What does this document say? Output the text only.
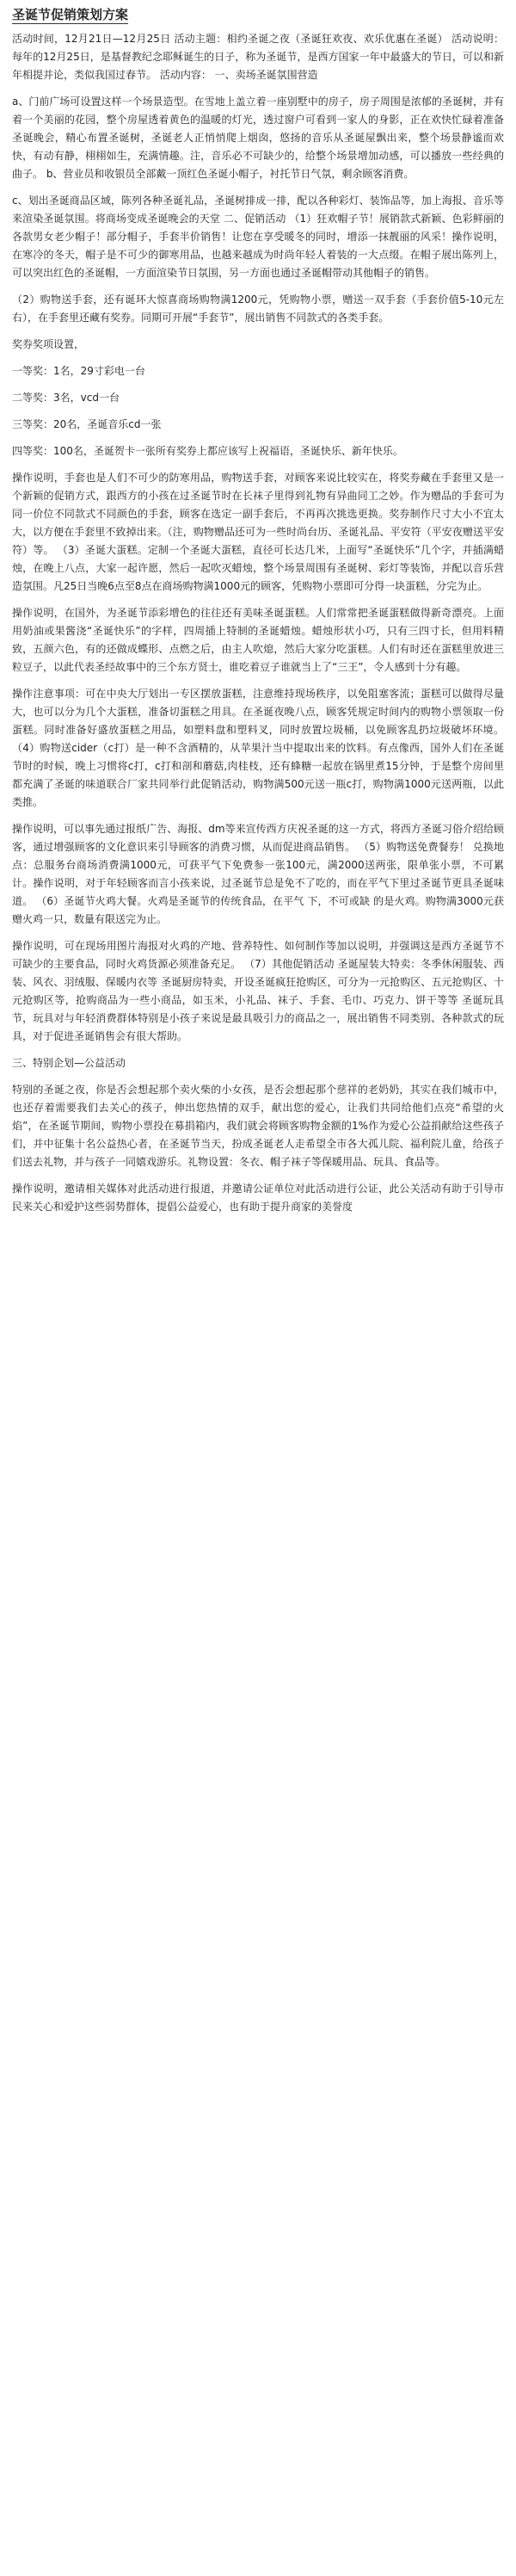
圣诞节促销策划方案

活动时间，12月21日—12月25日 活动主题：相约圣诞之夜（圣诞狂欢夜、欢乐优惠在圣诞） 活动说明：每年的12月25日，是基督教纪念耶稣诞生的日子，称为圣诞节，是西方国家一年中最盛大的节日，可以和新年相提并论，类似我国过春节。 活动内容： 一、卖场圣诞氛围营造

a、门前广场可设置这样一个场景造型。在雪地上盖立着一座别墅中的房子，房子周围是浓郁的圣诞树，并有着一个美丽的花园，整个房屋透着黄色的温暖的灯光，透过窗户可看到一家人的身影，正在欢快忙碌着准备圣诞晚会，精心布置圣诞树，圣诞老人正悄悄爬上烟囱，悠扬的音乐从圣诞屋飘出来，整个场景静谧而欢快，有动有静，栩栩如生，充满情趣。注，音乐必不可缺少的，给整个场景增加动感，可以播放一些经典的曲子。 b、营业员和收银员全部戴一顶红色圣诞小帽子，衬托节日气氛，剩余顾客消费。

c、划出圣诞商品区域，陈列各种圣诞礼品，圣诞树排成一排，配以各种彩灯、装饰品等，加上海报、音乐等来渲染圣诞氛围。将商场变成圣诞晚会的天堂 二、促销活动 （1）狂欢帽子节！展销款式新颖、色彩鲜丽的各款男女老少帽子！部分帽子，手套半价销售！让您在享受暖冬的同时，增添一抹靓丽的风采！操作说明，在寒冷的冬天，帽子是不可少的御寒用品，也越来越成为时尚年轻人着装的一大点缀。在帽子展出陈列上，可以突出红色的圣诞帽，一方面渲染节日氛围，另一方面也通过圣诞帽带动其他帽子的销售。

（2）购物送手套，还有诞环大惊喜商场购物满1200元，凭购物小票，赠送一双手套（手套价值5-10元左右），在手套里还藏有奖券。同期可开展“手套节”，展出销售不同款式的各类手套。

奖券奖项设置，

一等奖：1名，29寸彩电一台

二等奖：3名，vcd一台

三等奖：20名，圣诞音乐cd一张

四等奖：100名，圣诞贺卡一张所有奖券上都应该写上祝福语，圣诞快乐、新年快乐。

操作说明，手套也是人们不可少的防寒用品，购物送手套，对顾客来说比较实在，将奖券藏在手套里又是一个新颖的促销方式，跟西方的小孩在过圣诞节时在长袜子里得到礼物有异曲同工之妙。作为赠品的手套可为同一价位不同款式不同颜色的手套，顾客在选定一副手套后，不再再次挑选更换。奖券制作尺寸大小不宜太大，以方便在手套里不致掉出来。（注，购物赠品还可为一些时尚台历、圣诞礼品、平安符（平安夜赠送平安符）等。 （3）圣诞大蛋糕。定制一个圣诞大蛋糕，直径可长达几米，上面写“圣诞快乐”几个字，并插满蜡烛，在晚上八点，大家一起许愿，然后一起吹灭蜡烛，整个场景周围有圣诞树、彩灯等装饰，并配以音乐营造氛围。凡25日当晚6点至8点在商场购物满1000元的顾客，凭购物小票即可分得一块蛋糕，分完为止。

操作说明，在国外，为圣诞节添彩增色的往往还有美味圣诞蛋糕。人们常常把圣诞蛋糕做得新奇漂亮。上面用奶油或果酱浇“圣诞快乐”的字样，四周插上特制的圣诞蜡烛。蜡烛形状小巧，只有三四寸长，但用料精致，五颜六色，有的还做成蝶形、点燃之后，由主人吹熄，然后大家分吃蛋糕。人们有时还在蛋糕里放进三粒豆子，以此代表圣经故事中的三个东方贤士，谁吃着豆子谁就当上了“三王”，令人感到十分有趣。

操作注意事项：可在中央大厅划出一专区摆放蛋糕，注意维持现场秩序，以免阻塞客流；蛋糕可以做得尽量大，也可以分为几个大蛋糕，准备切蛋糕之用具。在圣诞夜晚八点，顾客凭规定时间内的购物小票领取一份蛋糕。同时准备好盛放蛋糕之用品，如塑料盘和塑料叉，同时放置垃圾桶，以免顾客乱扔垃圾破坏环境。 （4）购物送cider（c打）是一种不含酒精的，从苹果汁当中提取出来的饮料。有点像西，国外人们在圣诞节时的时候，晚上习惯将c打，c打和剖和蘑菇,肉桂枝，还有蜂糖一起放在锅里煮15分钟，于是整个房间里都充满了圣诞的味道联合厂家共同举行此促销活动，购物满500元送一瓶c打，购物满1000元送两瓶，以此类推。

操作说明，可以事先通过报纸广告、海报、dm等来宣传西方庆祝圣诞的这一方式，将西方圣诞习俗介绍给顾客，通过增强顾客的文化意识来引导顾客的消费习惯，从而促进商品销售。 （5）购物送免费餐券！ 兑换地点：总服务台商场消费满1000元，可获平气下免费参一张100元，满2000送两张，限单张小票，不可累计。操作说明，对于年轻顾客而言小孩来说，过圣诞节总是免不了吃的，而在平气下里过圣诞节更具圣诞味道。 （6）圣诞节火鸡大餐。火鸡是圣诞节的传统食品，在平气 下，不可或缺 的是火鸡。购物满3000元获赠火鸡一只，数量有限送完为止。

操作说明，可在现场用图片海报对火鸡的产地、营养特性、如何制作等加以说明，并强调这是西方圣诞节不可缺少的主要食品，同时火鸡货源必须准备充足。 （7）其他促销活动 圣诞屋装大特卖：冬季休闲服装、西装、风衣、羽绒服、保暖内衣等 圣诞厨房特卖，开设圣诞疯狂抢购区，可分为一元抢购区、五元抢购区、十元抢购区等，抢购商品为一些小商品，如玉米，小礼品、袜子、手套、毛巾、巧克力、饼干等等 圣诞玩具节，玩具对与年轻消费群体特别是小孩子来说是最具吸引力的商品之一，展出销售不同类别、各种款式的玩具，对于促进圣诞销售会有很大帮助。

三、特别企划—公益活动

特别的圣诞之夜，你是否会想起那个卖火柴的小女孩，是否会想起那个慈祥的老奶奶，其实在我们城市中，也还存着需要我们去关心的孩子，伸出您热情的双手，献出您的爱心，让我们共同给他们点亮“希望的火焰”，在圣诞节期间，购物小票投在募捐箱内，我们就会将顾客购物金额的1%作为爱心公益捐献给这些孩子们，并中征集十名公益热心者，在圣诞节当天，扮成圣诞老人走希望全市各大孤儿院、福利院儿童，给孩子们送去礼物，并与孩子一同嬉戏游乐。礼物设置：冬衣、帽子袜子等保暖用品、玩具、食品等。

操作说明，邀请相关媒体对此活动进行报道，并邀请公证单位对此活动进行公证，此公关活动有助于引导市民来关心和爱护这些弱势群体，提倡公益爱心，也有助于提升商家的美誉度
